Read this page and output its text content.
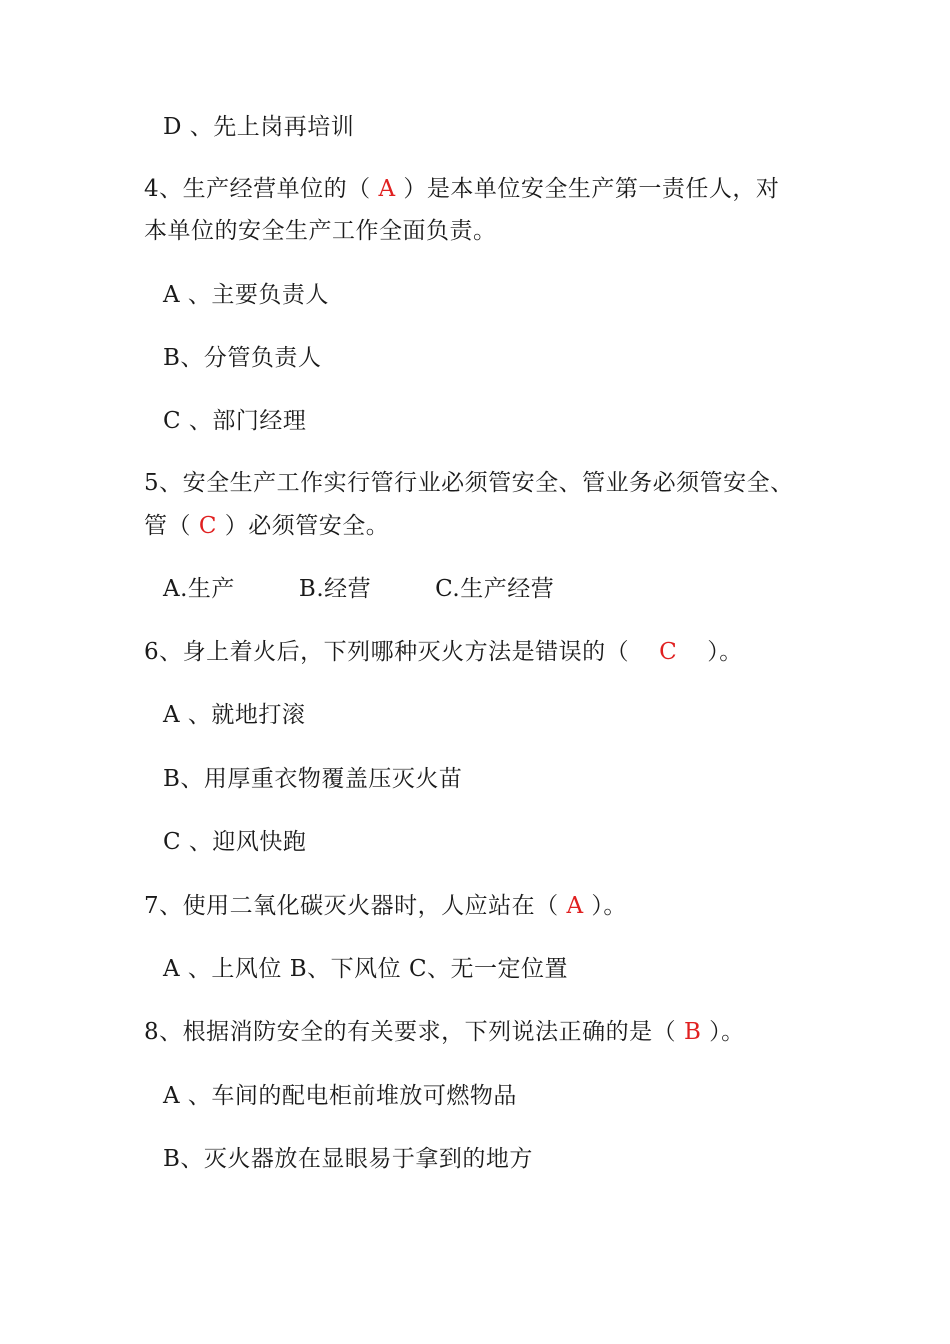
D 、先上岗再培训
4、生产经营单位的（ A ）是本单位安全生产第一责任人，对
本单位的安全生产工作全面负责。
A 、主要负责人
B、分管负责人
C 、部门经理
5、安全生产工作实行管行业必须管安全、管业务必须管安全、
管（ C ）必须管安全。
A.生产	B.经营	C.生产经营
6、身上着火后，下列哪种灭火方法是错误的（ C ）。
A 、就地打滚
B、用厚重衣物覆盖压灭火苗
C 、迎风快跑
7、使用二氧化碳灭火器时，人应站在（ A ）。
A 、上风位 B、下风位 C、无一定位置
8、根据消防安全的有关要求，下列说法正确的是（ B ）。
A 、车间的配电柜前堆放可燃物品
B、灭火器放在显眼易于拿到的地方
